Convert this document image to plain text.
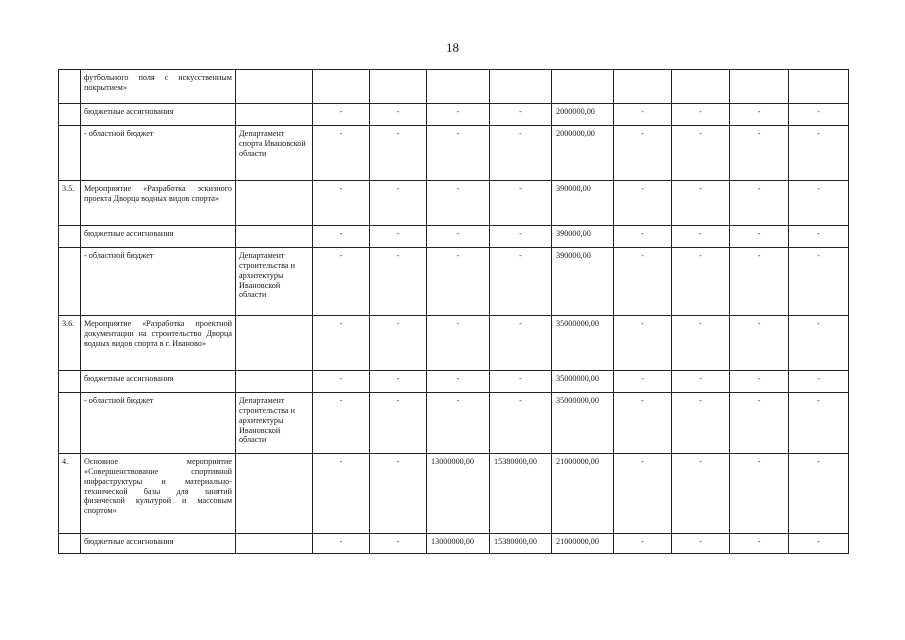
18
	футбольного поля с искусственным покрытием»										
	бюджетные ассигнования		-	-	-	-	2000000,00	-	-	-	-
	- областной бюджет	Департамент спорта Ивановской области	-	-	-	-	2000000,00	-	-	-	-
3.5.	Мероприятие «Разработка эскизного проекта Дворца водных видов спорта»		-	-	-	-	390000,00	-	-	-	-
	бюджетные ассигнования		-	-	-	-	390000,00	-	-	-	-
	- областной бюджет	Департамент строительства и архитектуры Ивановской области	-	-	-	-	390000,00	-	-	-	-
3.6.	Мероприятие «Разработка проектной документации на строительство Дворца водных видов спорта в г. Иваново»		-	-	-	-	35000000,00	-	-	-	-
	бюджетные ассигнования		-	-	-	-	35000000,00	-	-	-	-
	- областной бюджет	Департамент строительства и архитектуры Ивановской области	-	-	-	-	35000000,00	-	-	-	-
4.	Основное мероприятие «Совершенствование спортивной инфраструктуры и материально-технической базы для занятий физической культурой и массовым спортом»		-	-	13000000,00	15380000,00	21000000,00	-	-	-	-
	бюджетные ассигнования		-	-	13000000,00	15380000,00	21000000,00	-	-	-	-
